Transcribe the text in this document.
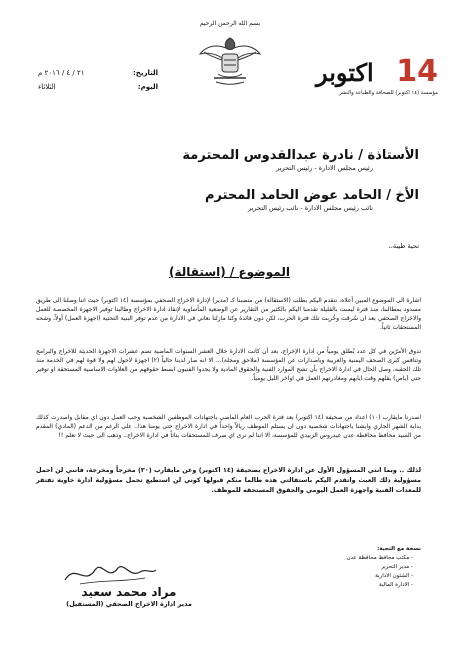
التاريخ:
٢١ / ٤ / ٢٠١٦ م
اليوم:
الثلاثاء
بسم الله الرحمن الرحيم
اكتوبر 14
مؤسسة (١٤ اكتوبر) للصحافة والطباعة والنشر
الأستاذة / نادرة عبدالقدوس المحترمة
رئيس مجلس الادارة - رئيس التحرير
الأخ / الحامد عوض الحامد المحترم
نائب رئيس مجلس الادارة - نائب رئيس التحرير
تحية طيبة،،
الموضوع / (استقالة)
اشارة الى الموضوع المبين أعلاه، نتقدم اليكم بطلب (الاستقالة) من منصبنا كـ (مدير) لإدارة الاخراج الصحفي بمؤسسة (١٤ اكتوبر) حيث اننا وصلنا الى طريق مسدود بمطالبنا، منذ فترة ليست بالقليلة تقدمنا اليكم بالكثير من التقارير عن الوضعية المأساوية لإنقاذ ادارة الاخراج وطالبنا توفير الاجهزة المخصصة للعمل والاخراج الصحفي بعد ان سُرقت وخُربت تلك فترة الحرب، لكن دون فائدة وكنا مازلنا نعاني في الادارة من عدم توفر البنية التحتية (اجهزة العمل) أولاً، وشحه المستحقات ثانياً.
تدوق الأمرّين في كل عدد يُطلق يومياً من ادارة الإخراج، بعد أن كانت الادارة خلال العشر السنوات الماضية تضم عشرات الاجهزة الحديثة للاخراج والبرامج وتنافس كبرى الصحف اليمنية والعربية وباصدارات عن المؤسسة (ملاحق ومجلة)... الا انه صار لدينا حالياً (٢) اجهزة لاحول لهم ولا قوة لهم في الخدمة منذ تلك الحقبه، وصل الحال في ادارة الاخراج بأن تشح الموارد الفنية والحقوق المادية ولا يجدوا الفنيون ابسط حقوقهم من العلاوات الاساسية المستحقة او توفير حتى (باص) يقلهم وقت ايابهم ومغادرتهم العمل في اواخر الليل يومياً.
اصدرنا مايقارب (١٠) اعداد من صحيفة (١٤ اكتوبر) بعد فترة الحرب العام الماضي باجتهادات الموظفين الشخصية وحب العمل دون اي مقابل واصدرت كذلك بداية الشهر الجاري وابشنا باجتهادات شخصية دون ان يستلم الموظف ريالاً واحداً في ادارة الاخراج حتى يومنا هذا.. على الرغم من الدعم (المادي) المقدم من السيد محافظ محافظة عدن عيدروس الزبيدي للمؤسسة، الا اننا لم نرى اي صرف للمستحقات بتاتاً في ادارة الاخراج.. وذهب الى حيث لا نعلم !!
لذلك .. وبما انني المسؤول الأول عن ادارة الاخراج بصحيفة (١٤ اكتوبر) وعن مايقارب (٣٠) مخرجاً ومخرجة، فانني لن احمل مسؤولية ذلك العبث واتقدم اليكم باستقالتي هذه طالما منكم قبولها كوني لن استطيع تحمل مسؤولية ادارة خاوية تفتقر للمعدات الفنية واجهزة العمل اليومي والحقوق المستحقه للموظف.
نسخة مع التحية:
- مكتب محافظ محافظة عدن
- مدير التحرير
- الشئون الادارية
- الادارة المالية
مراد محمد سعيد
مدير ادارة الاخراج الصحفي (المستقيل)
